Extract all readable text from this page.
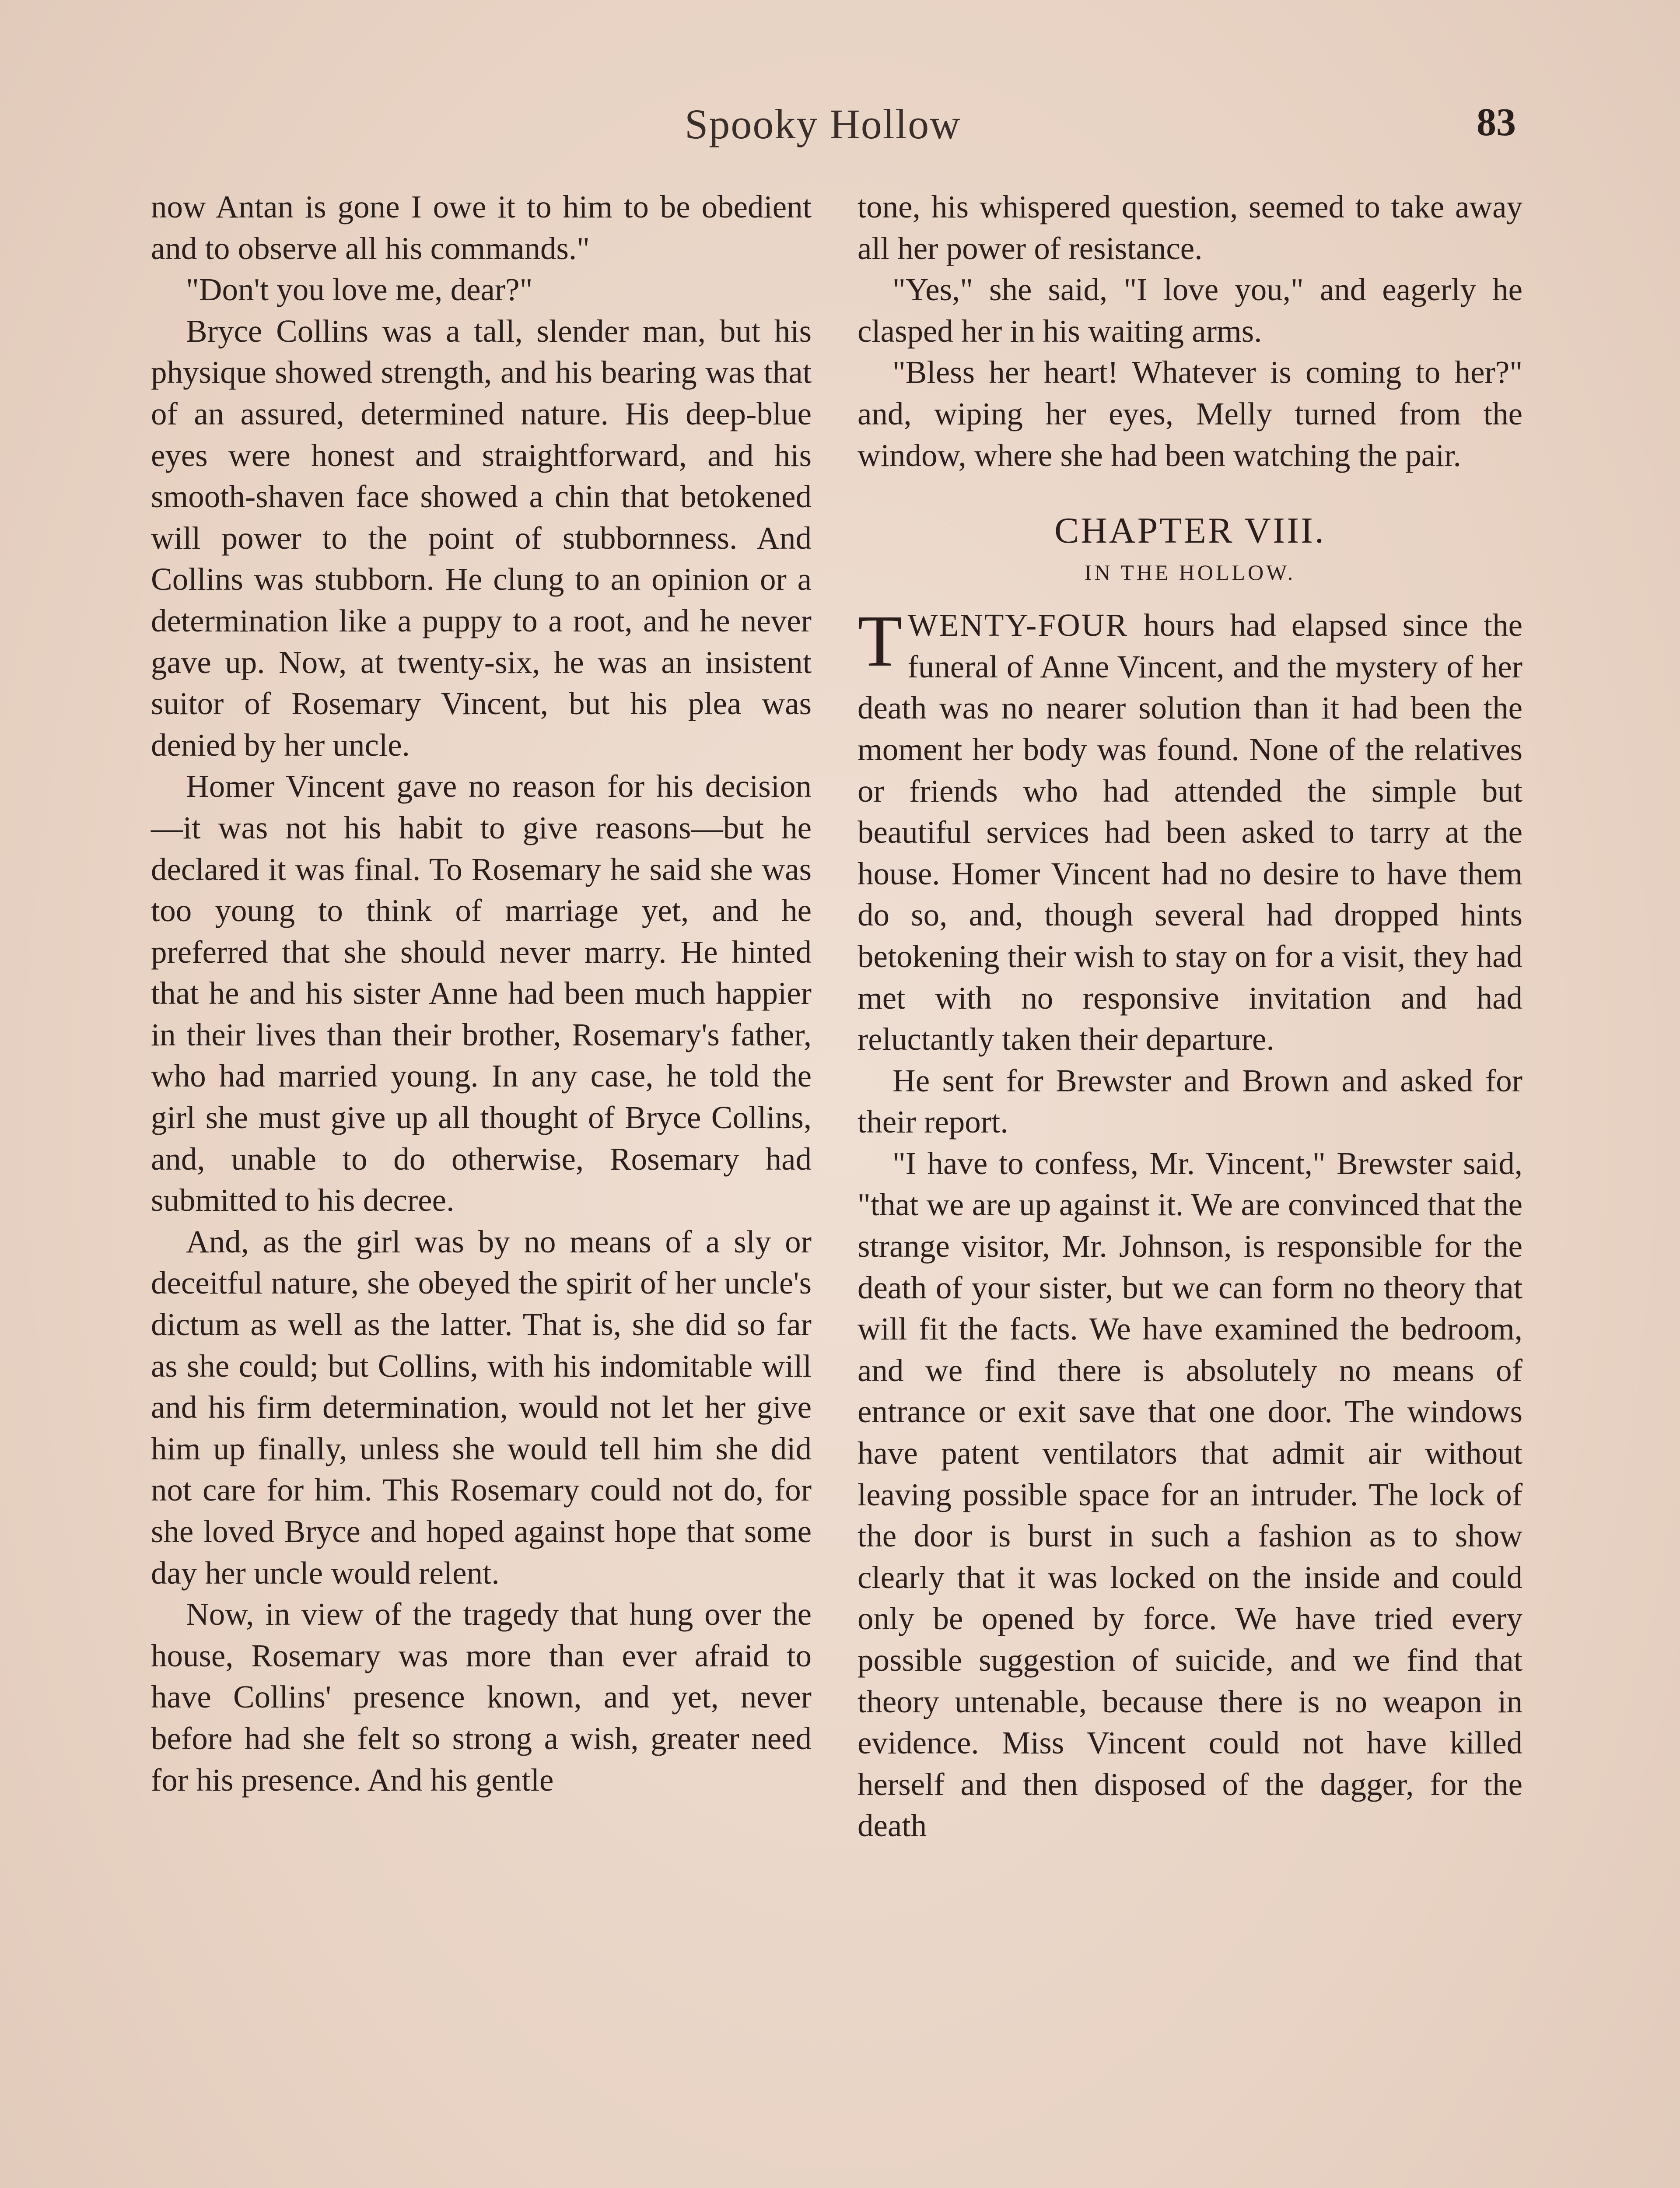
Spooky Hollow	83

now Antan is gone I owe it to him to be obedient and to observe all his commands."

"Don't you love me, dear?"

Bryce Collins was a tall, slender man, but his physique showed strength, and his bearing was that of an assured, determined nature. His deep-blue eyes were honest and straightforward, and his smooth-shaven face showed a chin that betokened will power to the point of stubbornness. And Collins was stubborn. He clung to an opinion or a determination like a puppy to a root, and he never gave up. Now, at twenty-six, he was an insistent suitor of Rosemary Vincent, but his plea was denied by her uncle.

Homer Vincent gave no reason for his decision—it was not his habit to give reasons—but he declared it was final. To Rosemary he said she was too young to think of marriage yet, and he preferred that she should never marry. He hinted that he and his sister Anne had been much happier in their lives than their brother, Rosemary's father, who had married young. In any case, he told the girl she must give up all thought of Bryce Collins, and, unable to do otherwise, Rosemary had submitted to his decree.

And, as the girl was by no means of a sly or deceitful nature, she obeyed the spirit of her uncle's dictum as well as the latter. That is, she did so far as she could; but Collins, with his indomitable will and his firm determination, would not let her give him up finally, unless she would tell him she did not care for him. This Rosemary could not do, for she loved Bryce and hoped against hope that some day her uncle would relent.

Now, in view of the tragedy that hung over the house, Rosemary was more than ever afraid to have Collins' presence known, and yet, never before had she felt so strong a wish, greater need for his presence. And his gentle

tone, his whispered question, seemed to take away all her power of resistance.

"Yes," she said, "I love you," and eagerly he clasped her in his waiting arms.

"Bless her heart! Whatever is coming to her?" and, wiping her eyes, Melly turned from the window, where she had been watching the pair.

CHAPTER VIII.
IN THE HOLLOW.

TWENTY-FOUR hours had elapsed since the funeral of Anne Vincent, and the mystery of her death was no nearer solution than it had been the moment her body was found. None of the relatives or friends who had attended the simple but beautiful services had been asked to tarry at the house. Homer Vincent had no desire to have them do so, and, though several had dropped hints betokening their wish to stay on for a visit, they had met with no responsive invitation and had reluctantly taken their departure.

He sent for Brewster and Brown and asked for their report.

"I have to confess, Mr. Vincent," Brewster said, "that we are up against it. We are convinced that the strange visitor, Mr. Johnson, is responsible for the death of your sister, but we can form no theory that will fit the facts. We have examined the bedroom, and we find there is absolutely no means of entrance or exit save that one door. The windows have patent ventilators that admit air without leaving possible space for an intruder. The lock of the door is burst in such a fashion as to show clearly that it was locked on the inside and could only be opened by force. We have tried every possible suggestion of suicide, and we find that theory untenable, because there is no weapon in evidence. Miss Vincent could not have killed herself and then disposed of the dagger, for the death
